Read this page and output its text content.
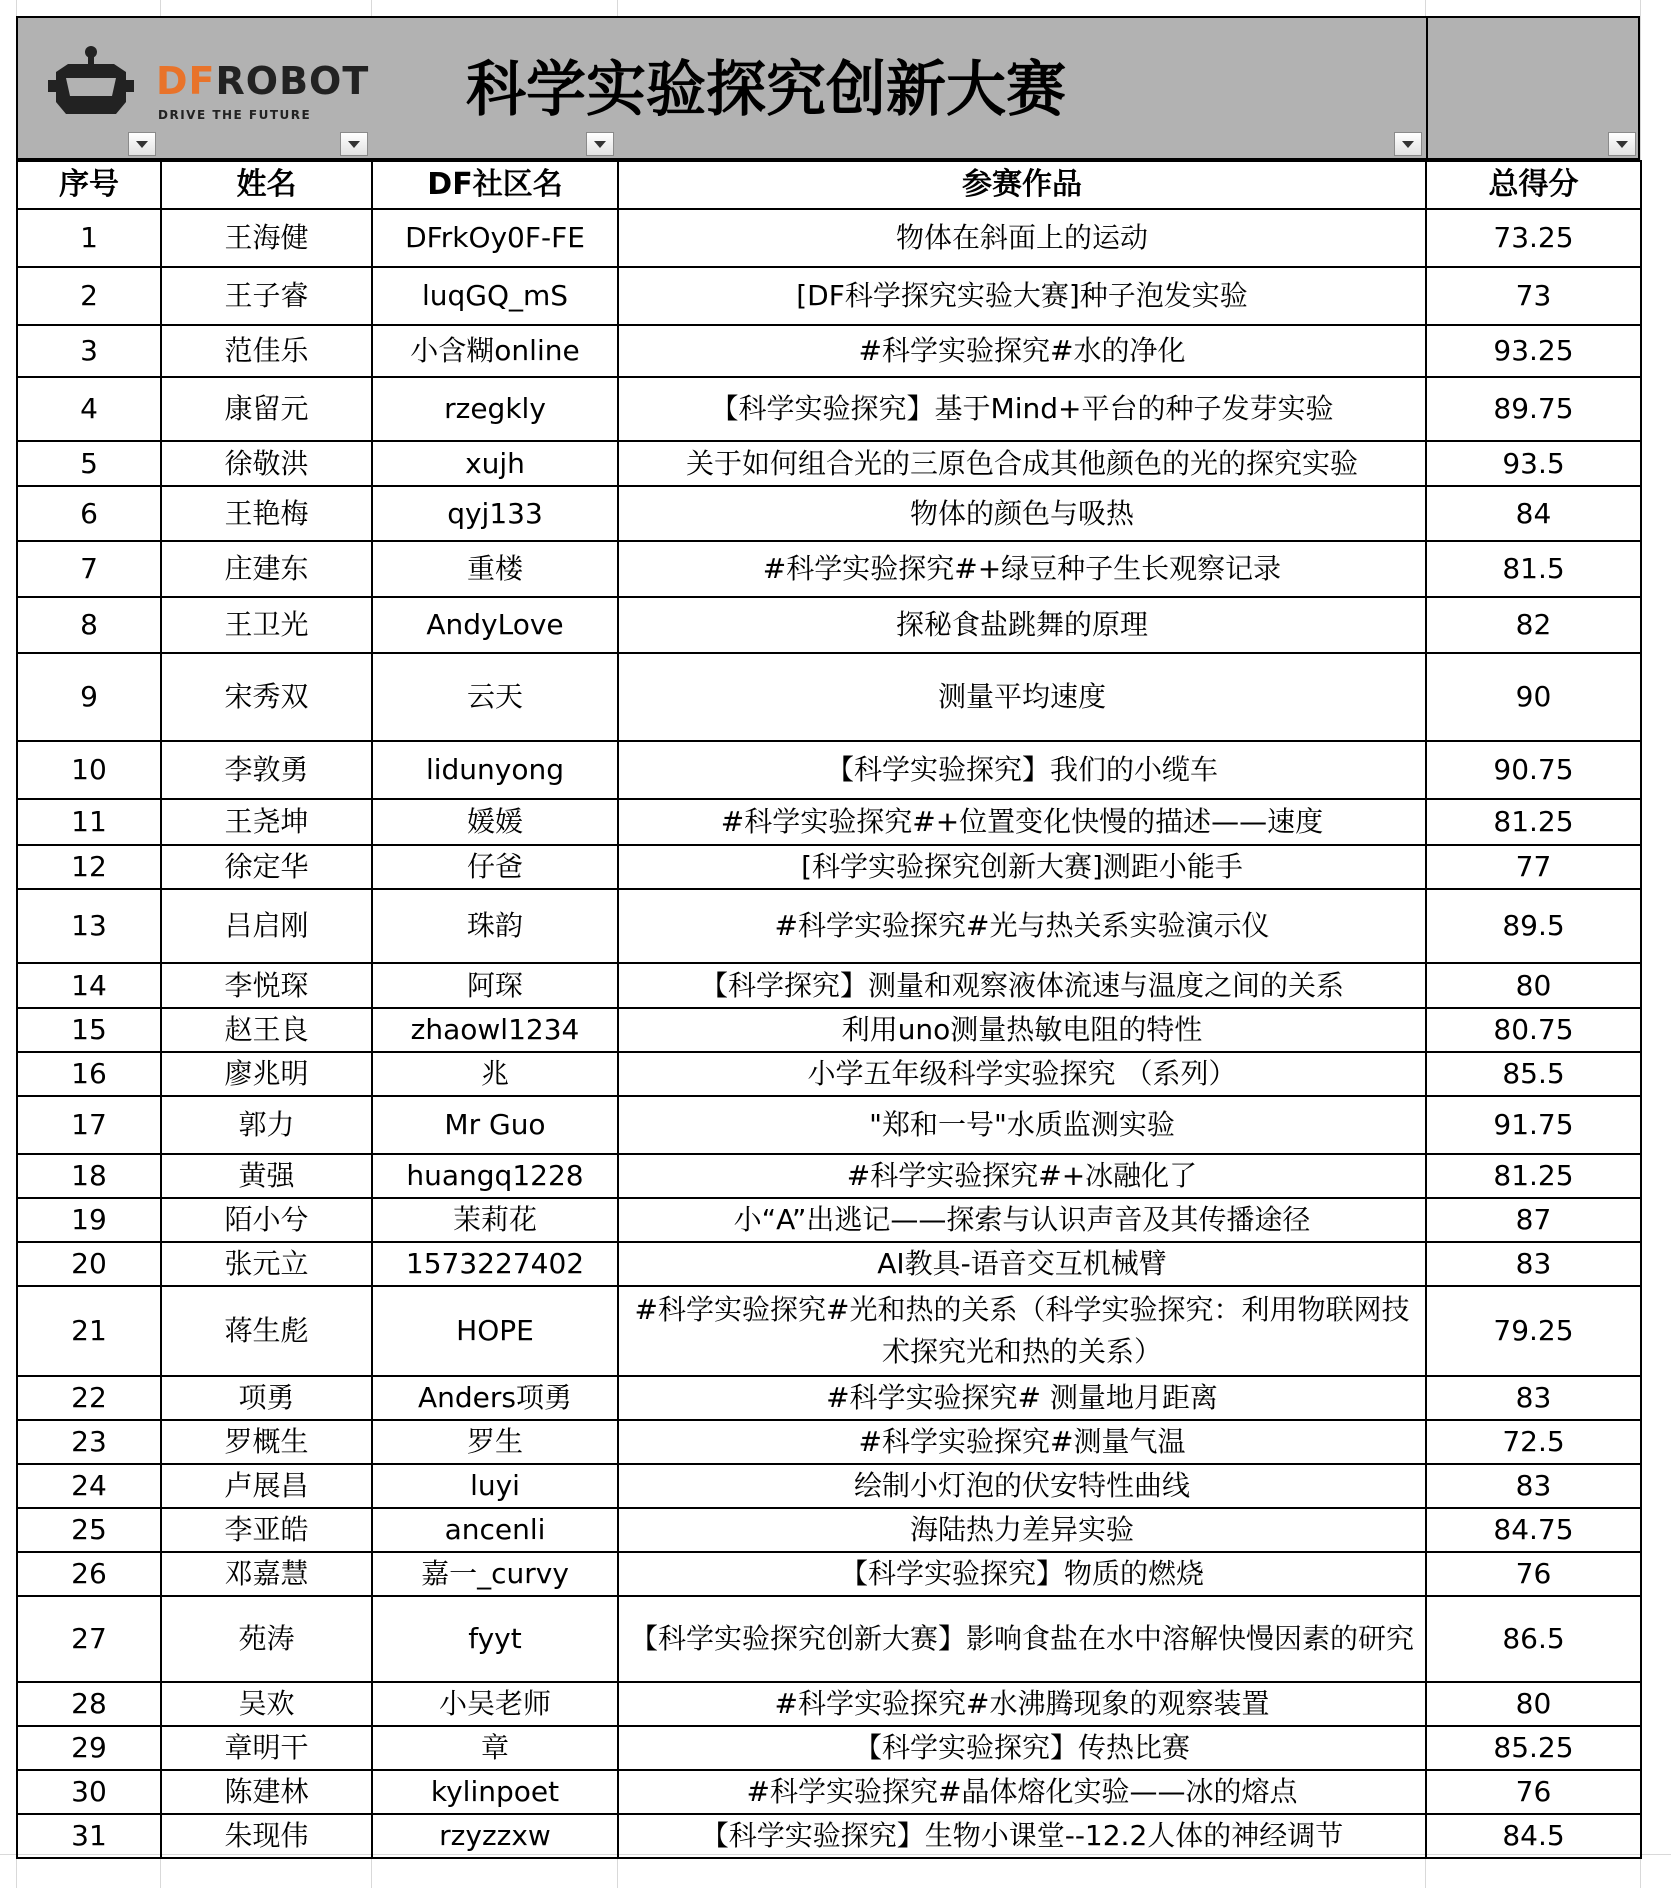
DFROBOT
DRIVE THE FUTURE	科学实验探究创新大赛
序号	姓名	DF社区名	参赛作品	总得分
1	王海健	DFrkOy0F-FE	物体在斜面上的运动	73.25
2	王子睿	luqGQ_mS	[DF科学探究实验大赛]种子泡发实验	73
3	范佳乐	小含糊online	#科学实验探究#水的净化	93.25
4	康留元	rzegkly	【科学实验探究】基于Mind+平台的种子发芽实验	89.75
5	徐敬洪	xujh	关于如何组合光的三原色合成其他颜色的光的探究实验	93.5
6	王艳梅	qyj133	物体的颜色与吸热	84
7	庄建东	重楼	#科学实验探究#+绿豆种子生长观察记录	81.5
8	王卫光	AndyLove	探秘食盐跳舞的原理	82
9	宋秀双	云天	测量平均速度	90
10	李敦勇	lidunyong	【科学实验探究】我们的小缆车	90.75
11	王尧坤	媛媛	#科学实验探究#+位置变化快慢的描述——速度	81.25
12	徐定华	仔爸	[科学实验探究创新大赛]测距小能手	77
13	吕启刚	珠韵	#科学实验探究#光与热关系实验演示仪	89.5
14	李悦琛	阿琛	【科学探究】测量和观察液体流速与温度之间的关系	80
15	赵王良	zhaowl1234	利用uno测量热敏电阻的特性	80.75
16	廖兆明	兆	小学五年级科学实验探究 （系列）	85.5
17	郭力	Mr Guo	"郑和一号"水质监测实验	91.75
18	黄强	huangq1228	#科学实验探究#+冰融化了	81.25
19	陌小兮	茉莉花	小“A”出逃记——探索与认识声音及其传播途径	87
20	张元立	1573227402	AI教具-语音交互机械臂	83
21	蒋生彪	HOPE	#科学实验探究#光和热的关系（科学实验探究：利用物联网技术探究光和热的关系）	79.25
22	项勇	Anders项勇	#科学实验探究# 测量地月距离	83
23	罗概生	罗生	#科学实验探究#测量气温	72.5
24	卢展昌	luyi	绘制小灯泡的伏安特性曲线	83
25	李亚皓	ancenli	海陆热力差异实验	84.75
26	邓嘉慧	嘉一_curvy	【科学实验探究】物质的燃烧	76
27	苑涛	fyyt	【科学实验探究创新大赛】影响食盐在水中溶解快慢因素的研究	86.5
28	吴欢	小吴老师	#科学实验探究#水沸腾现象的观察装置	80
29	章明干	章	【科学实验探究】传热比赛	85.25
30	陈建林	kylinpoet	#科学实验探究#晶体熔化实验——冰的熔点	76
31	朱现伟	rzyzzxw	【科学实验探究】生物小课堂--12.2人体的神经调节	84.5
